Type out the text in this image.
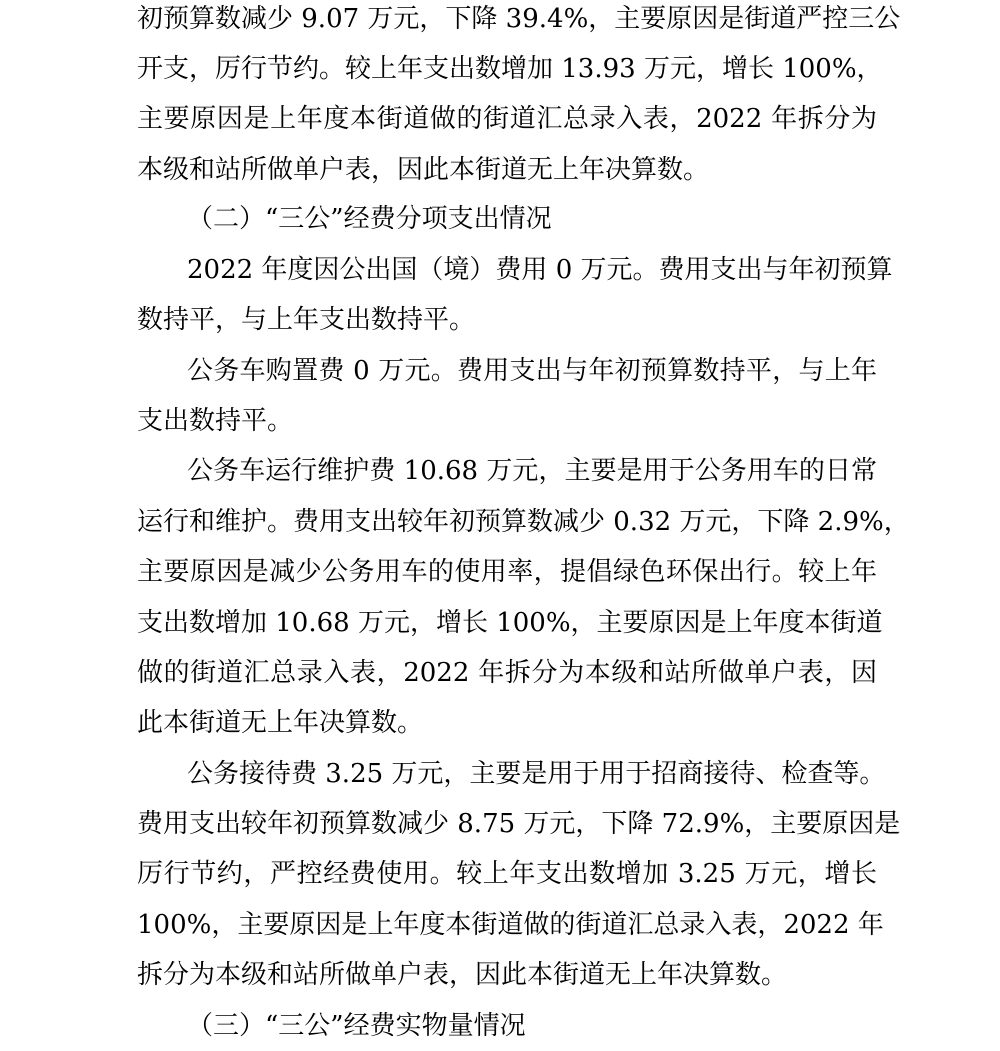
初预算数减少 9.07 万元，下降 39.4%，主要原因是街道严控三公
开支，厉行节约。较上年支出数增加 13.93 万元，增长 100%，
主要原因是上年度本街道做的街道汇总录入表，2022 年拆分为
本级和站所做单户表，因此本街道无上年决算数。
（二）“三公”经费分项支出情况
2022 年度因公出国（境）费用 0 万元。费用支出与年初预算
数持平，与上年支出数持平。
公务车购置费 0 万元。费用支出与年初预算数持平，与上年
支出数持平。
公务车运行维护费 10.68 万元，主要是用于公务用车的日常
运行和维护。费用支出较年初预算数减少 0.32 万元，下降 2.9%，
主要原因是减少公务用车的使用率，提倡绿色环保出行。较上年
支出数增加 10.68 万元，增长 100%，主要原因是上年度本街道
做的街道汇总录入表，2022 年拆分为本级和站所做单户表，因
此本街道无上年决算数。
公务接待费 3.25 万元，主要是用于用于招商接待、检查等。
费用支出较年初预算数减少 8.75 万元，下降 72.9%，主要原因是
厉行节约，严控经费使用。较上年支出数增加 3.25 万元，增长
100%，主要原因是上年度本街道做的街道汇总录入表，2022 年
拆分为本级和站所做单户表，因此本街道无上年决算数。
（三）“三公”经费实物量情况
